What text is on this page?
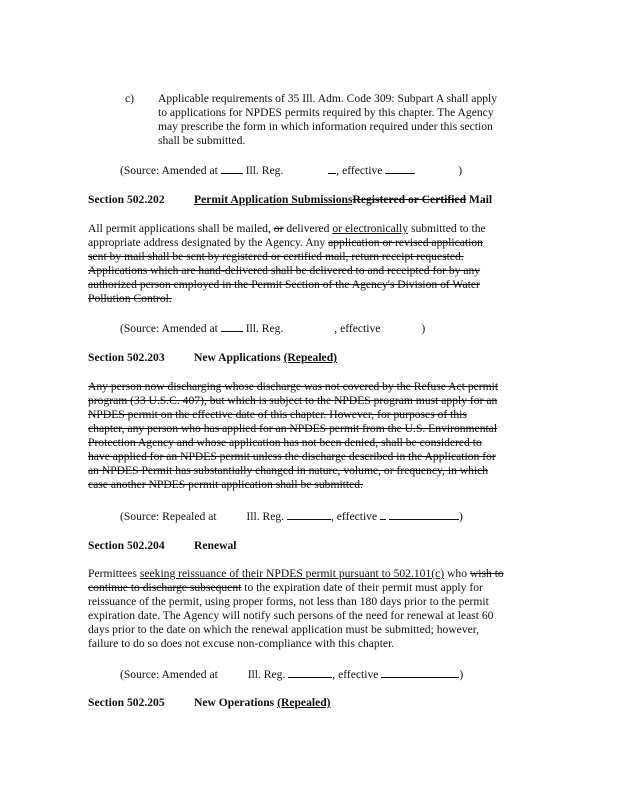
c) Applicable requirements of 35 Ill. Adm. Code 309: Subpart A shall apply
to applications for NPDES permits required by this chapter. The Agency
may prescribe the form in which information required under this section
shall be submitted.
(Source: Amended at Ill. Reg.	, effective	)
Section 502.202	Permit Application SubmissionsRegistered or Certified Mail
All permit applications shall be mailed, or delivered or electronically submitted to the
appropriate address designated by the Agency. Any application or revised application
sent by mail shall be sent by registered or certified mail, return receipt requested.
Applications which are hand-delivered shall be delivered to and receipted for by any
authorized person employed in the Permit Section of the Agency's Division of Water
Pollution Control.
(Source: Amended at Ill. Reg.	, effective	)
Section 502.203	New Applications (Repealed)
Any person now discharging whose discharge was not covered by the Refuse Act permit
program (33 U.S.C. 407), but which is subject to the NPDES program must apply for an
NPDES permit on the effective date of this chapter. However, for purposes of this
chapter, any person who has applied for an NPDES permit from the U.S. Environmental
Protection Agency and whose application has not been denied, shall be considered to
have applied for an NPDES permit unless the discharge described in the Application for
an NPDES Permit has substantially changed in nature, volume, or frequency, in which
case another NPDES permit application shall be submitted.
(Source: Repealed at	Ill. Reg.	, effective	)
Section 502.204	Renewal
Permittees seeking reissuance of their NPDES permit pursuant to 502.101(c) who wish to
continue to discharge subsequent to the expiration date of their permit must apply for
reissuance of the permit, using proper forms, not less than 180 days prior to the permit
expiration date. The Agency will notify such persons of the need for renewal at least 60
days prior to the date on which the renewal application must be submitted; however,
failure to do so does not excuse non-compliance with this chapter.
(Source: Amended at	Ill. Reg.	, effective	)
Section 502.205	New Operations (Repealed)
